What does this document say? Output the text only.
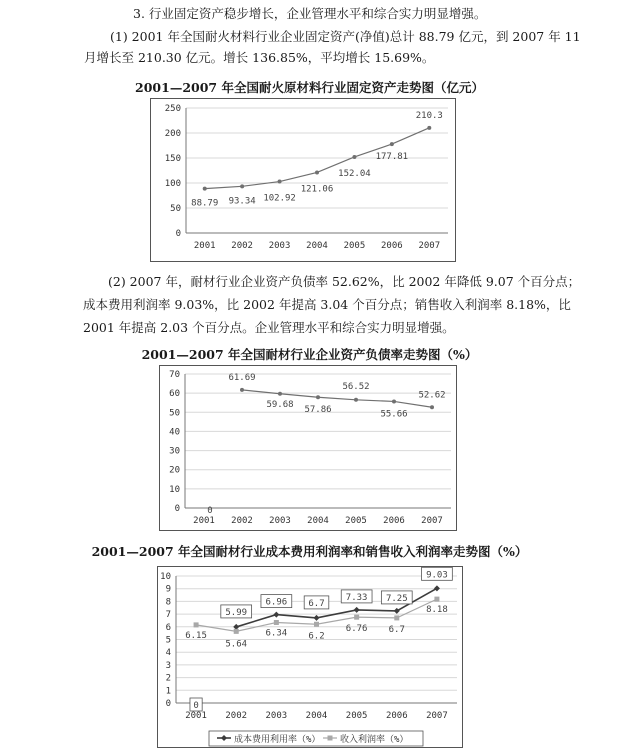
3. 行业固定资产稳步增长，企业管理水平和综合实力明显增强。

(1) 2001 年全国耐火材料行业企业固定资产(净值)总计 88.79 亿元，到 2007 年 11

月增长至 210.30 亿元。增长 136.85%，平均增长 15.69%。

2001—2007 年全国耐火原材料行业固定资产走势图（亿元）

0
50
100
150
200
250
2001 2002 2003 2004 2005 2006 2007
88.79 93.34 102.92
121.06
152.04
177.81
210.3

(2) 2007 年，耐材行业企业资产负债率 52.62%，比 2002 年降低 9.07 个百分点；

成本费用利润率 9.03%，比 2002 年提高 3.04 个百分点；销售收入利润率 8.18%，比

2001 年提高 2.03 个百分点。企业管理水平和综合实力明显增强。

2001—2007 年全国耐材行业企业资产负债率走势图（%）

0
10
20
30
40
50
60
70
2001 2002 2003 2004 2005 2006 2007
0
61.69
59.68
57.86
56.52
55.66
52.62

2001—2007 年全国耐材行业成本费用利润率和销售收入利润率走势图（%）

0
1
2
3
4
5
6
7
8
9
10
2001 2002 2003 2004 2005 2006 2007
0
5.99
6.96 6.7
7.33 7.25
9.03
6.15
5.64
6.34 6.2
6.76 6.7
8.18
成本费用利用率（%） 收入利润率（%）
